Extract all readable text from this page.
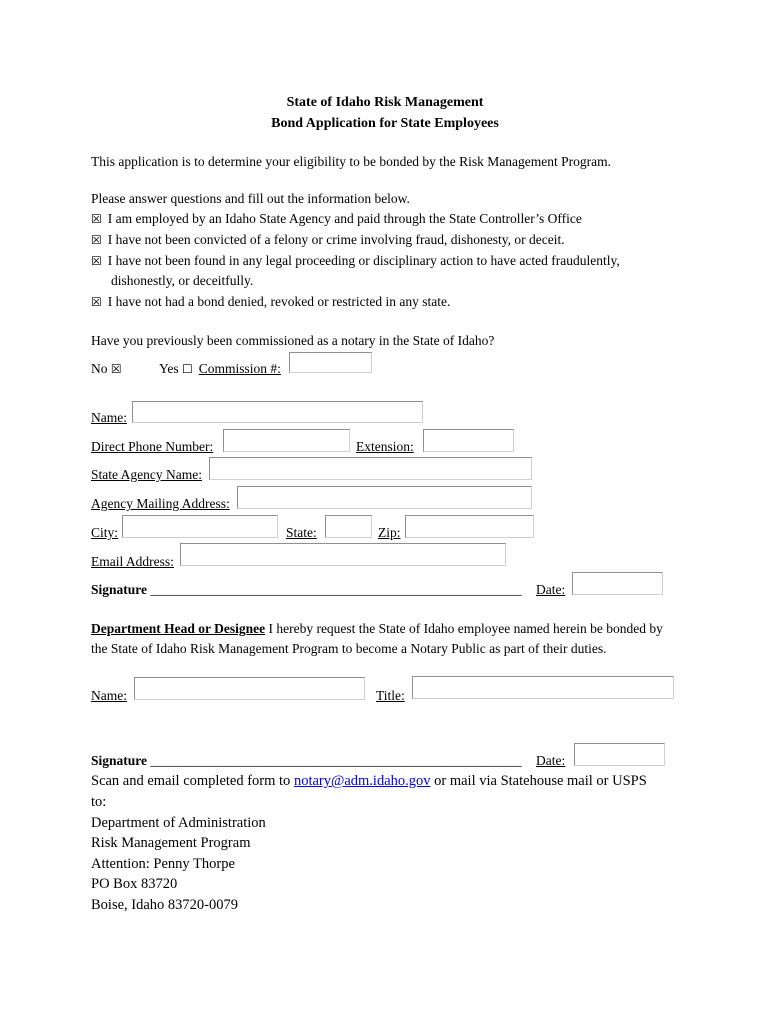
State of Idaho Risk Management
Bond Application for State Employees
This application is to determine your eligibility to be bonded by the Risk Management Program.
Please answer questions and fill out the information below.
☒ I am employed by an Idaho State Agency and paid through the State Controller’s Office
☒ I have not been convicted of a felony or crime involving fraud, dishonesty, or deceit.
☒ I have not been found in any legal proceeding or disciplinary action to have acted fraudulently,
dishonestly, or deceitfully.
☒ I have not had a bond denied, revoked or restricted in any state.
Have you previously been commissioned as a notary in the State of Idaho?
No ☒	Yes ☐ Commission #:
Name:
Direct Phone Number:	Extension:
State Agency Name:
Agency Mailing Address:
City:	State:	Zip:
Email Address:
Signature _______________________________________________________ Date:
Department Head or Designee I hereby request the State of Idaho employee named herein be bonded by
the State of Idaho Risk Management Program to become a Notary Public as part of their duties.
Name:	Title:
Signature _______________________________________________________ Date:
Scan and email completed form to notary@adm.idaho.gov or mail via Statehouse mail or USPS
to:
Department of Administration
Risk Management Program
Attention: Penny Thorpe
PO Box 83720
Boise, Idaho 83720-0079
